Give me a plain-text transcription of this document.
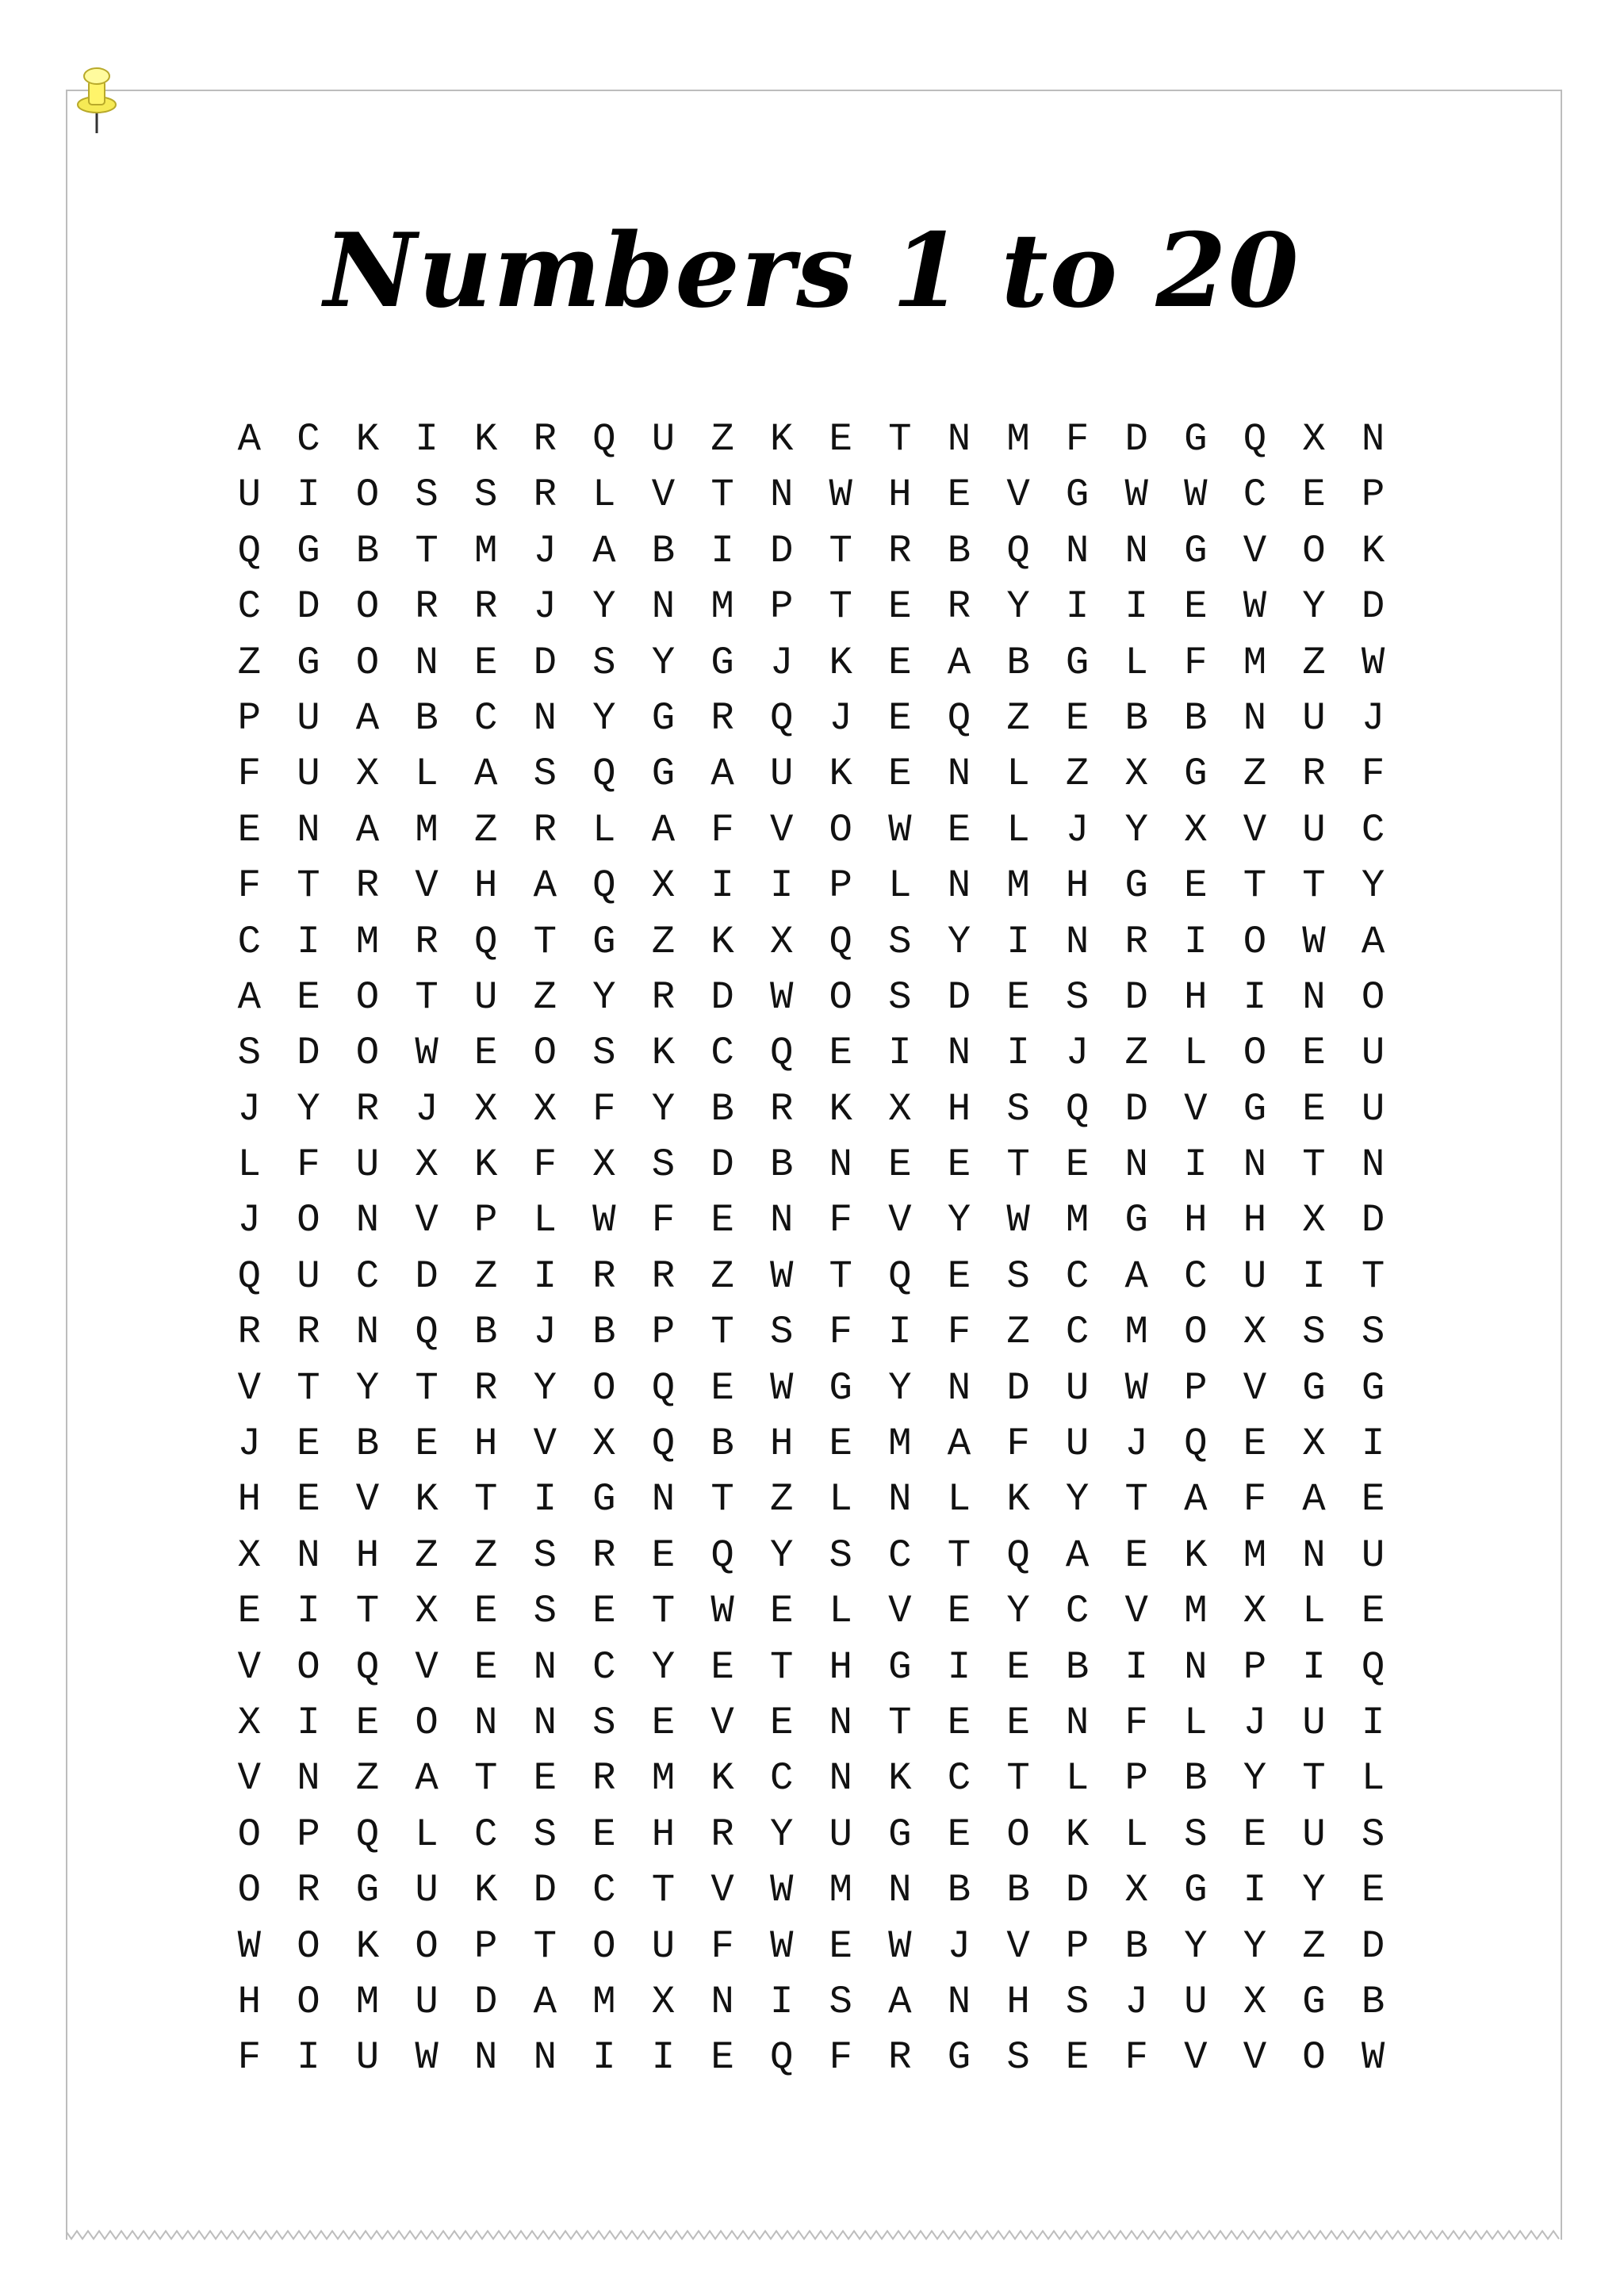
Numbers 1 to 20
A C K I K R Q U Z K E T N M F D G Q X N
U I O S S R L V T N W H E V G W W C E P
Q G B T M J A B I D T R B Q N N G V O K
C D O R R J Y N M P T E R Y I I E W Y D
Z G O N E D S Y G J K E A B G L F M Z W
P U A B C N Y G R Q J E Q Z E B B N U J
F U X L A S Q G A U K E N L Z X G Z R F
E N A M Z R L A F V O W E L J Y X V U C
F T R V H A Q X I I P L N M H G E T T Y
C I M R Q T G Z K X Q S Y I N R I O W A
A E O T U Z Y R D W O S D E S D H I N O
S D O W E O S K C Q E I N I J Z L O E U
J Y R J X X F Y B R K X H S Q D V G E U
L F U X K F X S D B N E E T E N I N T N
J O N V P L W F E N F V Y W M G H H X D
Q U C D Z I R R Z W T Q E S C A C U I T
R R N Q B J B P T S F I F Z C M O X S S
V T Y T R Y O Q E W G Y N D U W P V G G
J E B E H V X Q B H E M A F U J Q E X I
H E V K T I G N T Z L N L K Y T A F A E
X N H Z Z S R E Q Y S C T Q A E K M N U
E I T X E S E T W E L V E Y C V M X L E
V O Q V E N C Y E T H G I E B I N P I Q
X I E O N N S E V E N T E E N F L J U I
V N Z A T E R M K C N K C T L P B Y T L
O P Q L C S E H R Y U G E O K L S E U S
O R G U K D C T V W M N B B D X G I Y E
W O K O P T O U F W E W J V P B Y Y Z D
H O M U D A M X N I S A N H S J U X G B
F I U W N N I I E Q F R G S E F V V O W
